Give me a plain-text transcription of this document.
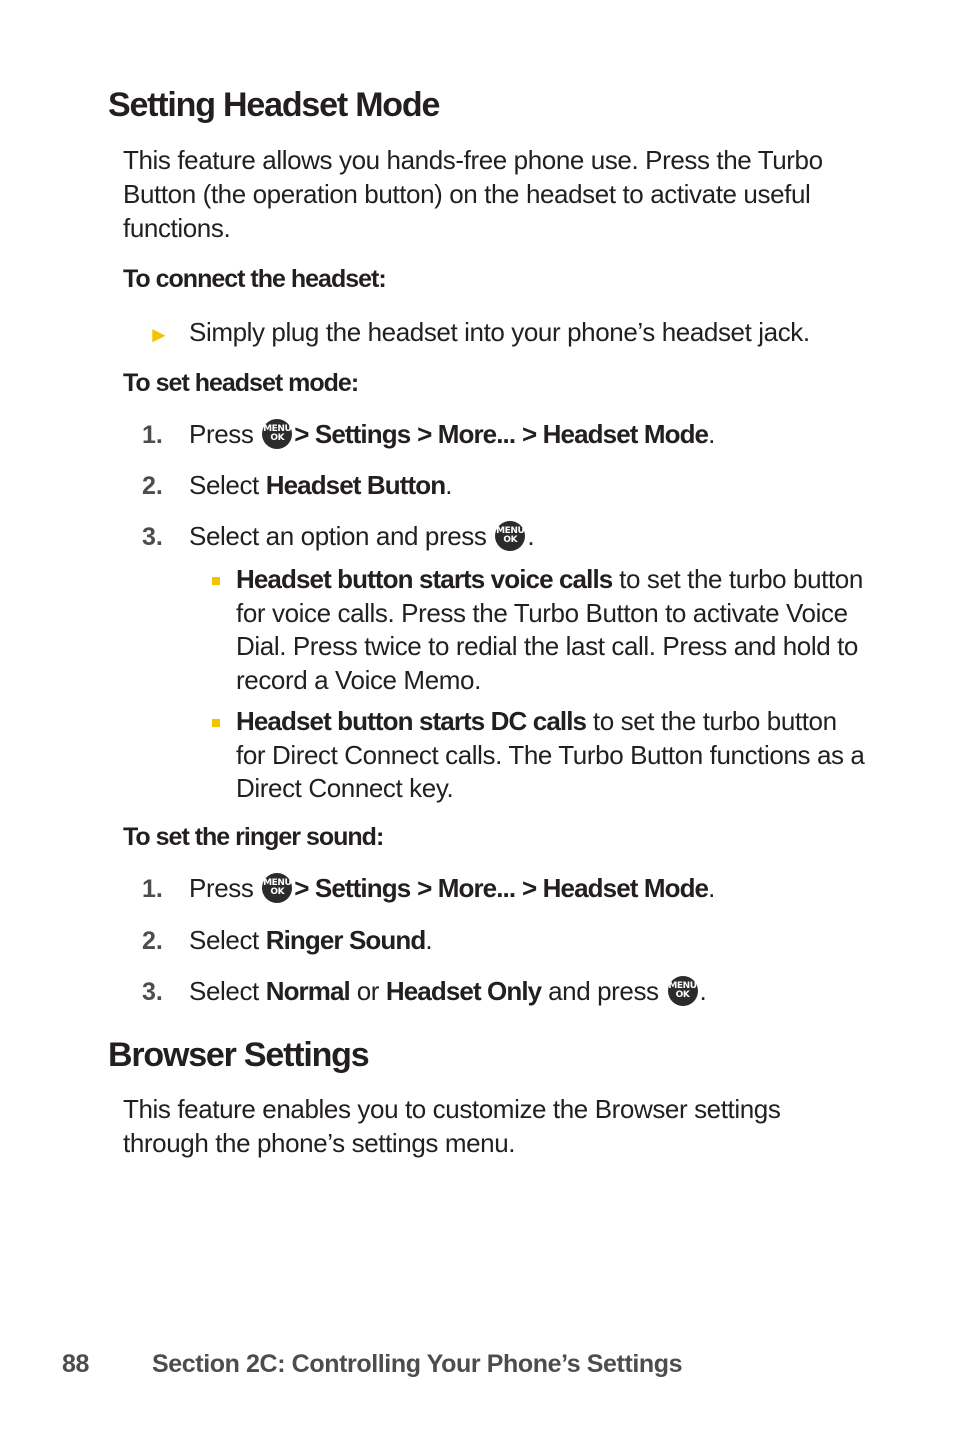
Setting Headset Mode
This feature allows you hands-free phone use. Press the Turbo Button (the operation button) on the headset to activate useful functions.
To connect the headset:
► Simply plug the headset into your phone’s headset jack.
To set headset mode:
1. Press MENU
OK > Settings > More... > Headset Mode.
2. Select Headset Button.
3. Select an option and press MENU
OK .
Headset button starts voice calls to set the turbo button for voice calls. Press the Turbo Button to activate Voice Dial. Press twice to redial the last call. Press and hold to record a Voice Memo.
Headset button starts DC calls to set the turbo button for Direct Connect calls. The Turbo Button functions as a Direct Connect key.
To set the ringer sound:
1. Press MENU
OK > Settings > More... > Headset Mode.
2. Select Ringer Sound.
3. Select Normal or Headset Only and press MENU
OK .
Browser Settings
This feature enables you to customize the Browser settings through the phone’s settings menu.
88	Section 2C: Controlling Your Phone’s Settings
